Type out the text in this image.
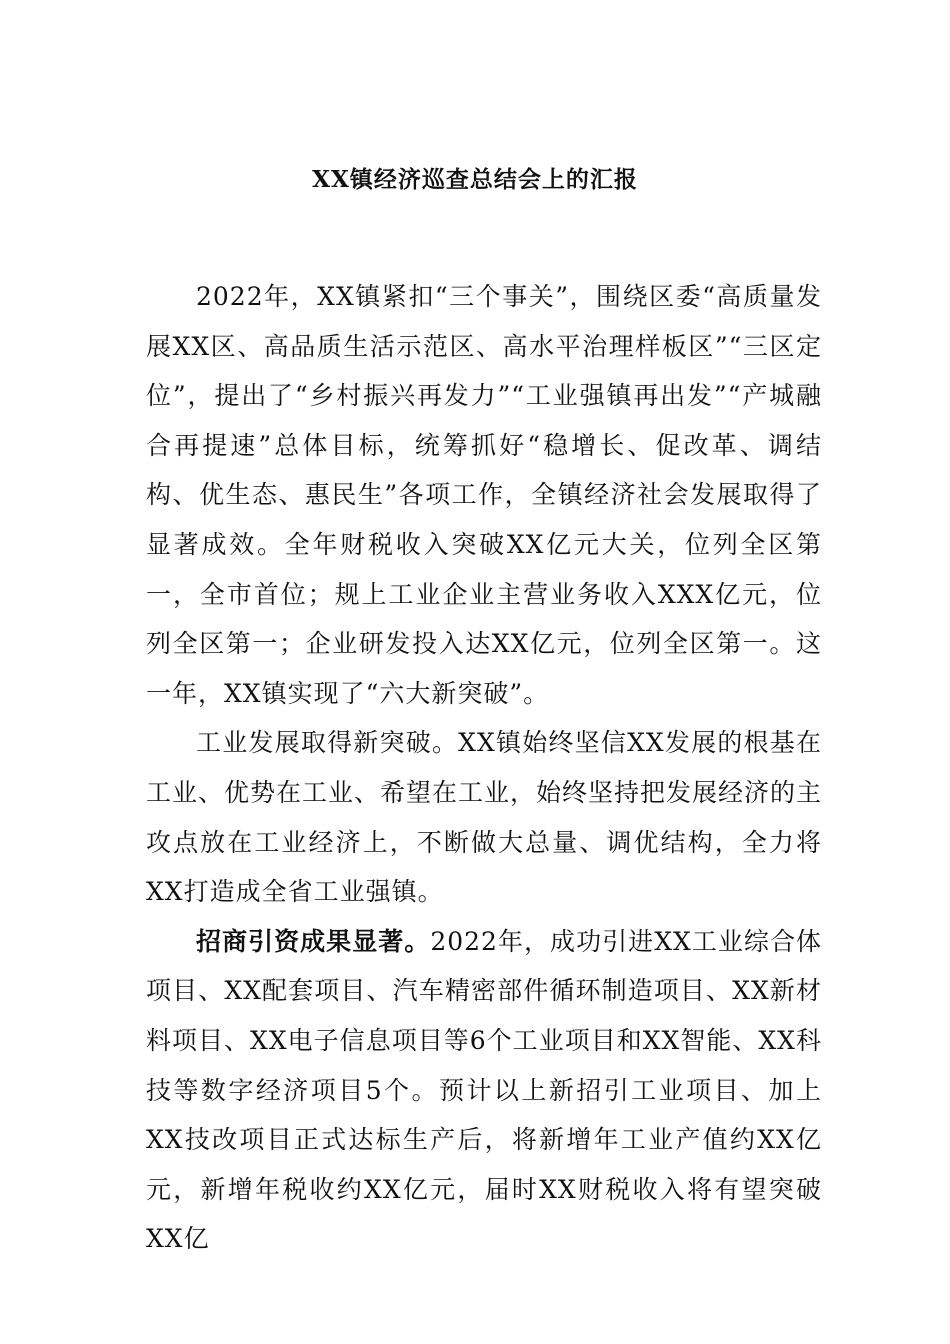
XX镇经济巡查总结会上的汇报

2022年，XX镇紧扣“三个事关”，围绕区委“高质量发展XX区、高品质生活示范区、高水平治理样板区”“三区定位”，提出了“乡村振兴再发力”“工业强镇再出发”“产城融合再提速”总体目标，统筹抓好“稳增长、促改革、调结构、优生态、惠民生”各项工作，全镇经济社会发展取得了显著成效。全年财税收入突破XX亿元大关，位列全区第一，全市首位；规上工业企业主营业务收入XXX亿元，位列全区第一；企业研发投入达XX亿元，位列全区第一。这一年，XX镇实现了“六大新突破”。

工业发展取得新突破。XX镇始终坚信XX发展的根基在工业、优势在工业、希望在工业，始终坚持把发展经济的主攻点放在工业经济上，不断做大总量、调优结构，全力将XX打造成全省工业强镇。

招商引资成果显著。2022年，成功引进XX工业综合体项目、XX配套项目、汽车精密部件循环制造项目、XX新材料项目、XX电子信息项目等6个工业项目和XX智能、XX科技等数字经济项目5个。预计以上新招引工业项目、加上XX技改项目正式达标生产后，将新增年工业产值约XX亿元，新增年税收约XX亿元，届时XX财税收入将有望突破XX亿
